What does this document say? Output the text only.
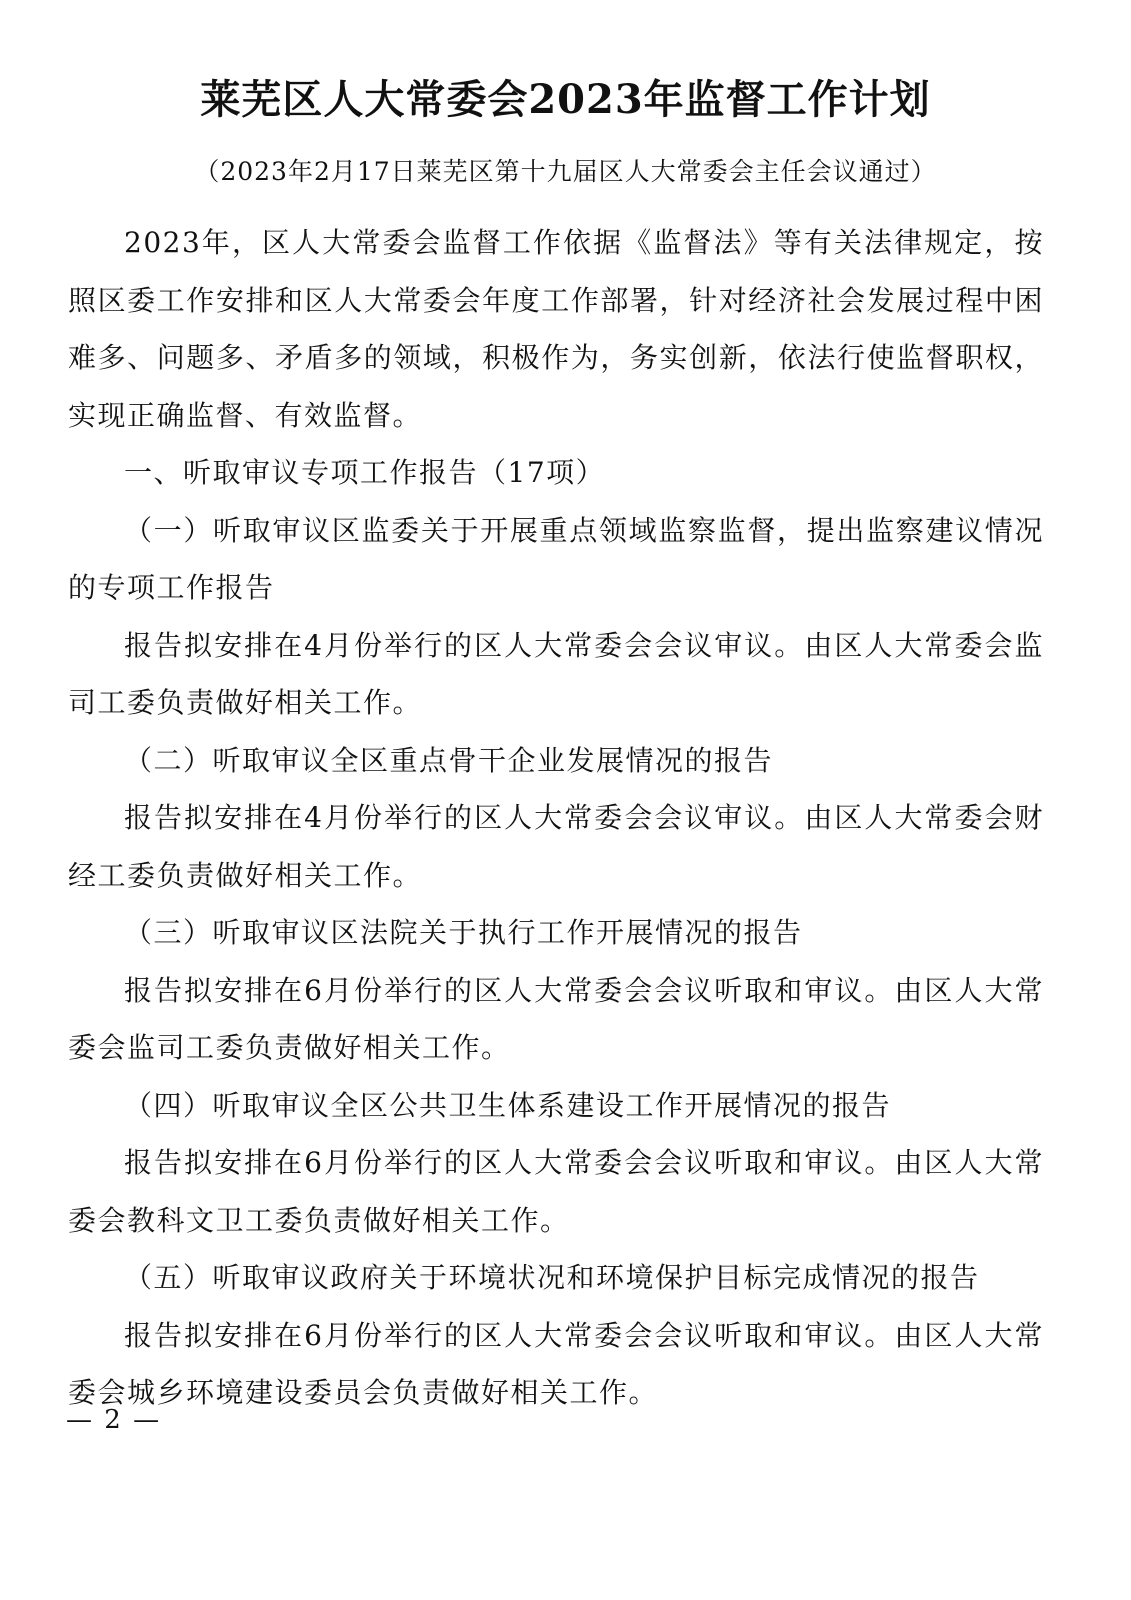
莱芜区人大常委会2023年监督工作计划

（2023年2月17日莱芜区第十九届区人大常委会主任会议通过）

2023年，区人大常委会监督工作依据《监督法》等有关法律规定，按照区委工作安排和区人大常委会年度工作部署，针对经济社会发展过程中困难多、问题多、矛盾多的领域，积极作为，务实创新，依法行使监督职权，实现正确监督、有效监督。

一、听取审议专项工作报告（17项）

（一）听取审议区监委关于开展重点领域监察监督，提出监察建议情况的专项工作报告

报告拟安排在4月份举行的区人大常委会会议审议。由区人大常委会监司工委负责做好相关工作。

（二）听取审议全区重点骨干企业发展情况的报告

报告拟安排在4月份举行的区人大常委会会议审议。由区人大常委会财经工委负责做好相关工作。

（三）听取审议区法院关于执行工作开展情况的报告

报告拟安排在6月份举行的区人大常委会会议听取和审议。由区人大常委会监司工委负责做好相关工作。

（四）听取审议全区公共卫生体系建设工作开展情况的报告

报告拟安排在6月份举行的区人大常委会会议听取和审议。由区人大常委会教科文卫工委负责做好相关工作。

（五）听取审议政府关于环境状况和环境保护目标完成情况的报告

报告拟安排在6月份举行的区人大常委会会议听取和审议。由区人大常委会城乡环境建设委员会负责做好相关工作。

— 2 —
